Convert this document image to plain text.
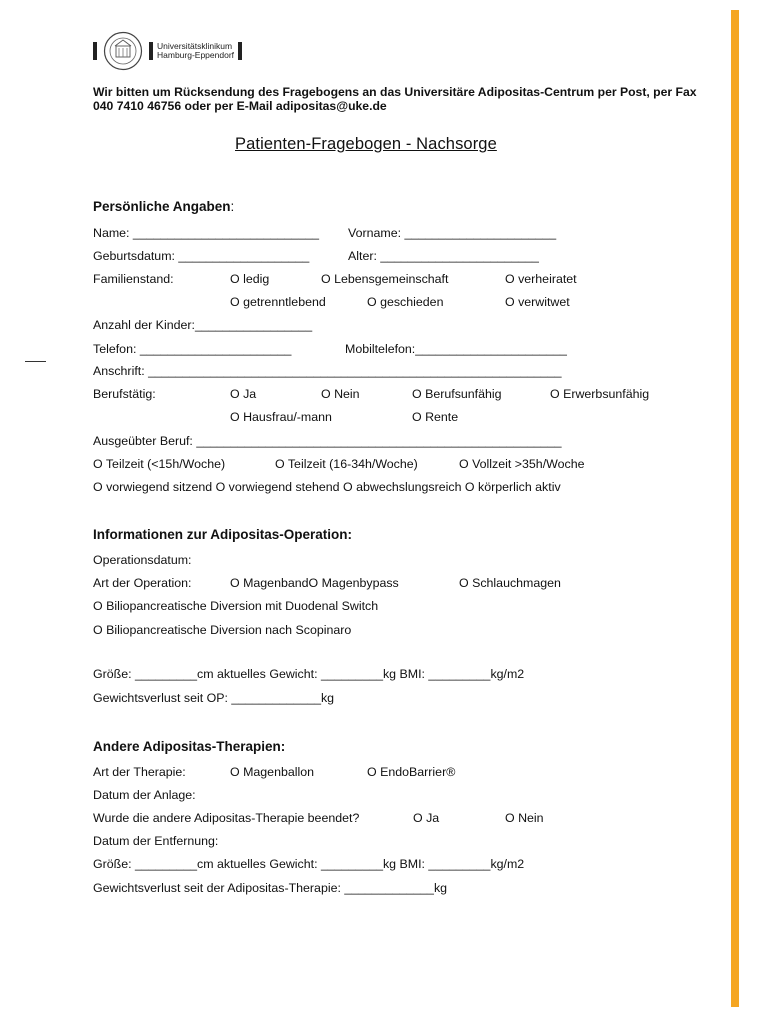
Universitätsklinikum
Hamburg-Eppendorf
Wir bitten um Rücksendung des Fragebogens an das Universitäre Adipositas-Centrum per Post, per Fax 040 7410 46756 oder per E-Mail adipositas@uke.de
Patienten-Fragebogen - Nachsorge
Persönliche Angaben:
Name: ___________________________ Vorname: ______________________
Geburtsdatum: ___________________	Alter: _______________________
Familienstand:	O ledig	O Lebensgemeinschaft	O verheiratet
O getrenntlebend	O geschieden	O verwitwet
Anzahl der Kinder:_________________
Telefon: ______________________	Mobiltelefon:______________________
Anschrift: ____________________________________________________________
Berufstätig:	O Ja	O Nein	O Berufsunfähig	O Erwerbsunfähig
O Hausfrau/-mann	O Rente
Ausgeübter Beruf: _____________________________________________________
O Teilzeit (<15h/Woche)	O Teilzeit (16-34h/Woche)	O Vollzeit >35h/Woche
O vorwiegend sitzend O vorwiegend stehend O abwechslungsreich O körperlich aktiv
Informationen zur Adipositas-Operation:
Operationsdatum:
Art der Operation:	O MagenbandO Magenbypass	O Schlauchmagen
O Biliopancreatische Diversion mit Duodenal Switch
O Biliopancreatische Diversion nach Scopinaro
Größe: _________cm aktuelles Gewicht: _________kg BMI: _________kg/m2
Gewichtsverlust seit OP: _____________kg
Andere Adipositas-Therapien:
Art der Therapie:	O Magenballon	O EndoBarrier®
Datum der Anlage:
Wurde die andere Adipositas-Therapie beendet?	O Ja	O Nein
Datum der Entfernung:
Größe: _________cm aktuelles Gewicht: _________kg BMI: _________kg/m2
Gewichtsverlust seit der Adipositas-Therapie: _____________kg
